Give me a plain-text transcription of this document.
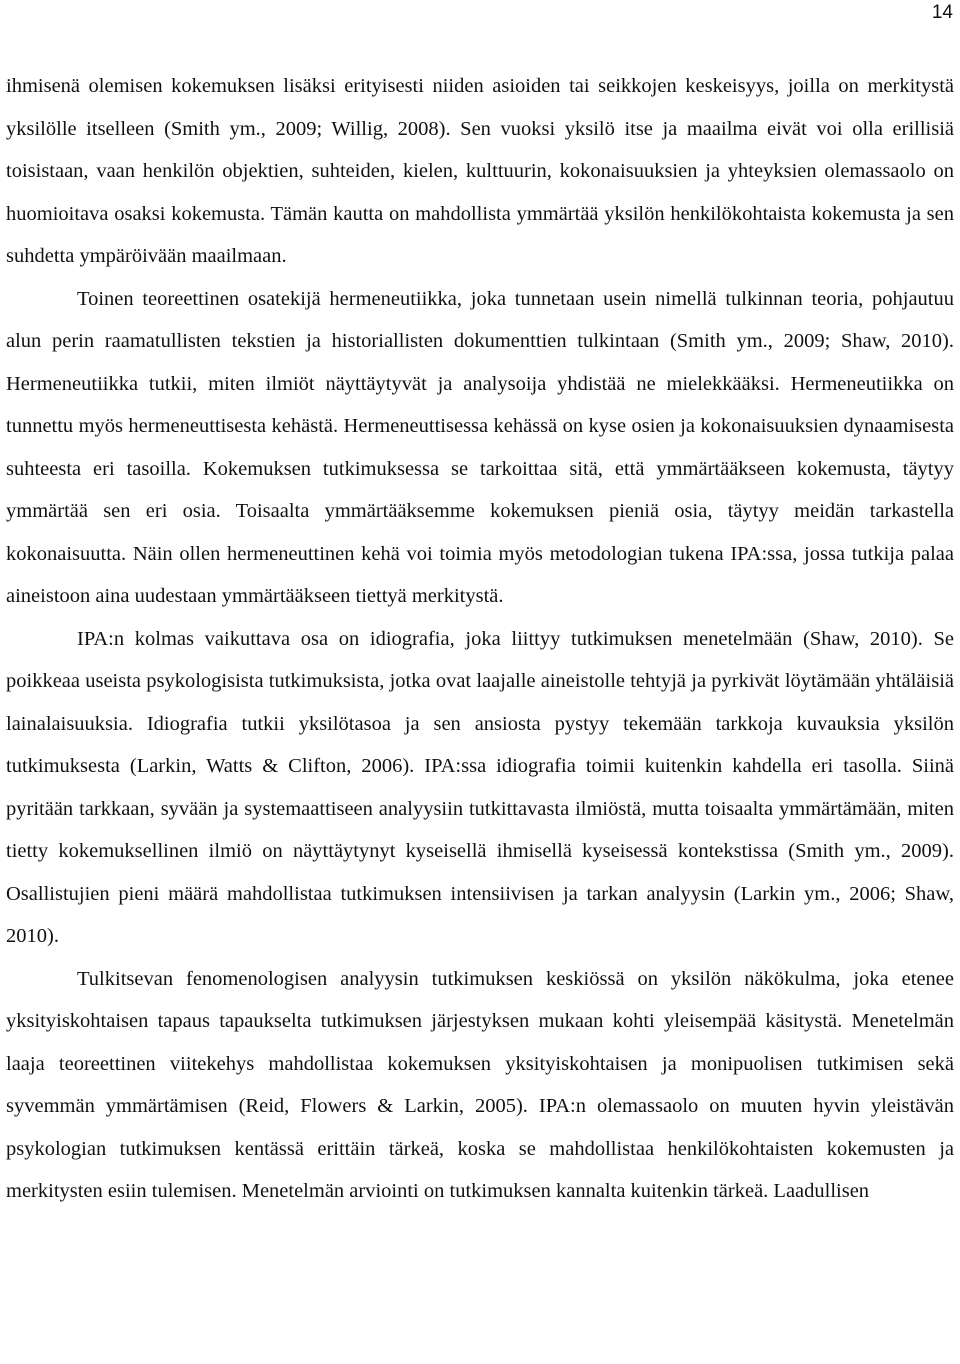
14

ihmisenä olemisen kokemuksen lisäksi erityisesti niiden asioiden tai seikkojen keskeisyys, joilla on merkitystä yksilölle itselleen (Smith ym., 2009; Willig, 2008). Sen vuoksi yksilö itse ja maailma eivät voi olla erillisiä toisistaan, vaan henkilön objektien, suhteiden, kielen, kulttuurin, kokonaisuuksien ja yhteyksien olemassaolo on huomioitava osaksi kokemusta. Tämän kautta on mahdollista ymmärtää yksilön henkilökohtaista kokemusta ja sen suhdetta ympäröivään maailmaan.

Toinen teoreettinen osatekijä hermeneutiikka, joka tunnetaan usein nimellä tulkinnan teoria, pohjautuu alun perin raamatullisten tekstien ja historiallisten dokumenttien tulkintaan (Smith ym., 2009; Shaw, 2010). Hermeneutiikka tutkii, miten ilmiöt näyttäytyvät ja analysoija yhdistää ne mielekkääksi. Hermeneutiikka on tunnettu myös hermeneuttisesta kehästä. Hermeneuttisessa kehässä on kyse osien ja kokonaisuuksien dynaamisesta suhteesta eri tasoilla. Kokemuksen tutkimuksessa se tarkoittaa sitä, että ymmärtääkseen kokemusta, täytyy ymmärtää sen eri osia. Toisaalta ymmärtääksemme kokemuksen pieniä osia, täytyy meidän tarkastella kokonaisuutta. Näin ollen hermeneuttinen kehä voi toimia myös metodologian tukena IPA:ssa, jossa tutkija palaa aineistoon aina uudestaan ymmärtääkseen tiettyä merkitystä.

IPA:n kolmas vaikuttava osa on idiografia, joka liittyy tutkimuksen menetelmään (Shaw, 2010). Se poikkeaa useista psykologisista tutkimuksista, jotka ovat laajalle aineistolle tehtyjä ja pyrkivät löytämään yhtäläisiä lainalaisuuksia. Idiografia tutkii yksilötasoa ja sen ansiosta pystyy tekemään tarkkoja kuvauksia yksilön tutkimuksesta (Larkin, Watts & Clifton, 2006). IPA:ssa idiografia toimii kuitenkin kahdella eri tasolla. Siinä pyritään tarkkaan, syvään ja systemaattiseen analyysiin tutkittavasta ilmiöstä, mutta toisaalta ymmärtämään, miten tietty kokemuksellinen ilmiö on näyttäytynyt kyseisellä ihmisellä kyseisessä kontekstissa (Smith ym., 2009). Osallistujien pieni määrä mahdollistaa tutkimuksen intensiivisen ja tarkan analyysin (Larkin ym., 2006; Shaw, 2010).

Tulkitsevan fenomenologisen analyysin tutkimuksen keskiössä on yksilön näkökulma, joka etenee yksityiskohtaisen tapaus tapaukselta tutkimuksen järjestyksen mukaan kohti yleisempää käsitystä. Menetelmän laaja teoreettinen viitekehys mahdollistaa kokemuksen yksityiskohtaisen ja monipuolisen tutkimisen sekä syvemmän ymmärtämisen (Reid, Flowers & Larkin, 2005). IPA:n olemassaolo on muuten hyvin yleistävän psykologian tutkimuksen kentässä erittäin tärkeä, koska se mahdollistaa henkilökohtaisten kokemusten ja merkitysten esiin tulemisen. Menetelmän arviointi on tutkimuksen kannalta kuitenkin tärkeä. Laadullisen
